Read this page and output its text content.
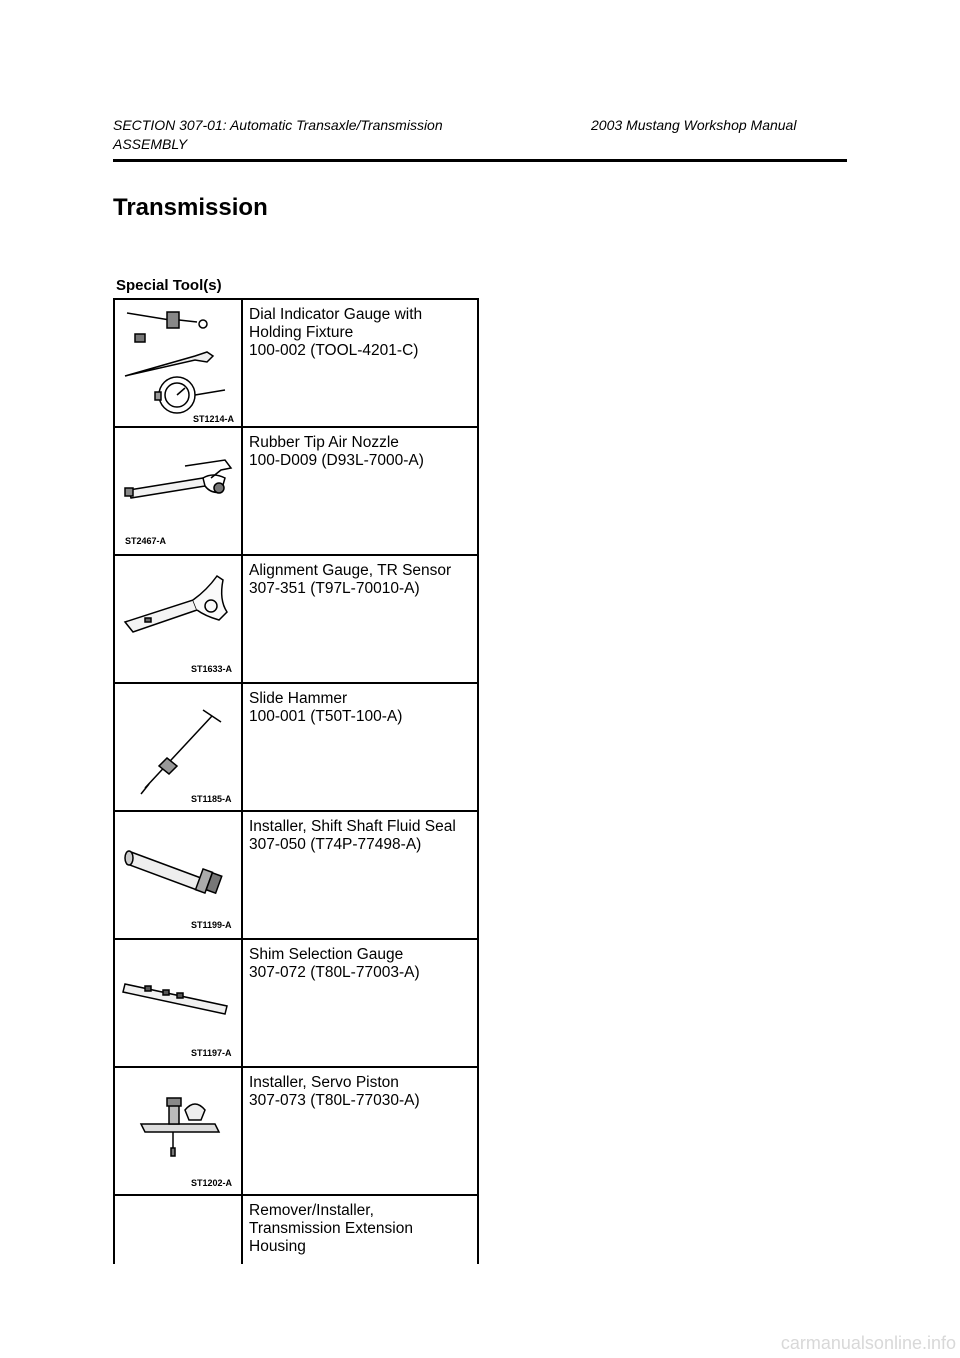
SECTION 307-01: Automatic Transaxle/Transmission	2003 Mustang Workshop Manual
ASSEMBLY
Transmission
Special Tool(s)
ST1214-A	Dial Indicator Gauge with
Holding Fixture
100-002 (TOOL-4201-C)

ST2467-A	Rubber Tip Air Nozzle
100-D009 (D93L-7000-A)

ST1633-A	Alignment Gauge, TR Sensor
307-351 (T97L-70010-A)

ST1185-A	Slide Hammer
100-001 (T50T-100-A)

ST1199-A	Installer, Shift Shaft Fluid Seal
307-050 (T74P-77498-A)

ST1197-A	Shim Selection Gauge
307-072 (T80L-77003-A)

ST1202-A	Installer, Servo Piston
307-073 (T80L-77030-A)

	Remover/Installer,
Transmission Extension
Housing
carmanualsonline.info
